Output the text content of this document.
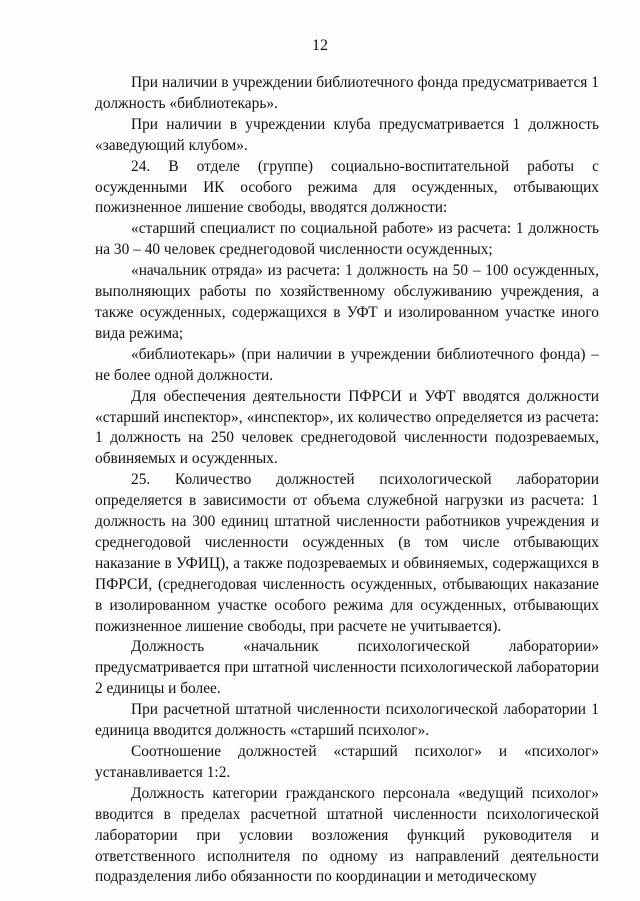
12

При наличии в учреждении библиотечного фонда предусматривается 1 должность «библиотекарь».

При наличии в учреждении клуба предусматривается 1 должность «заведующий клубом».

24. В отделе (группе) социально-воспитательной работы с осужденными ИК особого режима для осужденных, отбывающих пожизненное лишение свободы, вводятся должности:

«старший специалист по социальной работе» из расчета: 1 должность на 30 – 40 человек среднегодовой численности осужденных;

«начальник отряда» из расчета: 1 должность на 50 – 100 осужденных, выполняющих работы по хозяйственному обслуживанию учреждения, а также осужденных, содержащихся в УФТ и изолированном участке иного вида режима;

«библиотекарь» (при наличии в учреждении библиотечного фонда) – не более одной должности.

Для обеспечения деятельности ПФРСИ и УФТ вводятся должности «старший инспектор», «инспектор», их количество определяется из расчета: 1 должность на 250 человек среднегодовой численности подозреваемых, обвиняемых и осужденных.

25. Количество должностей психологической лаборатории определяется в зависимости от объема служебной нагрузки из расчета: 1 должность на 300 единиц штатной численности работников учреждения и среднегодовой численности осужденных (в том числе отбывающих наказание в УФИЦ), а также подозреваемых и обвиняемых, содержащихся в ПФРСИ, (среднегодовая численность осужденных, отбывающих наказание в изолированном участке особого режима для осужденных, отбывающих пожизненное лишение свободы, при расчете не учитывается).

Должность «начальник психологической лаборатории» предусматривается при штатной численности психологической лаборатории 2 единицы и более.

При расчетной штатной численности психологической лаборатории 1 единица вводится должность «старший психолог».

Соотношение должностей «старший психолог» и «психолог» устанавливается 1:2.

Должность категории гражданского персонала «ведущий психолог» вводится в пределах расчетной штатной численности психологической лаборатории при условии возложения функций руководителя и ответственного исполнителя по одному из направлений деятельности подразделения либо обязанности по координации и методическому
